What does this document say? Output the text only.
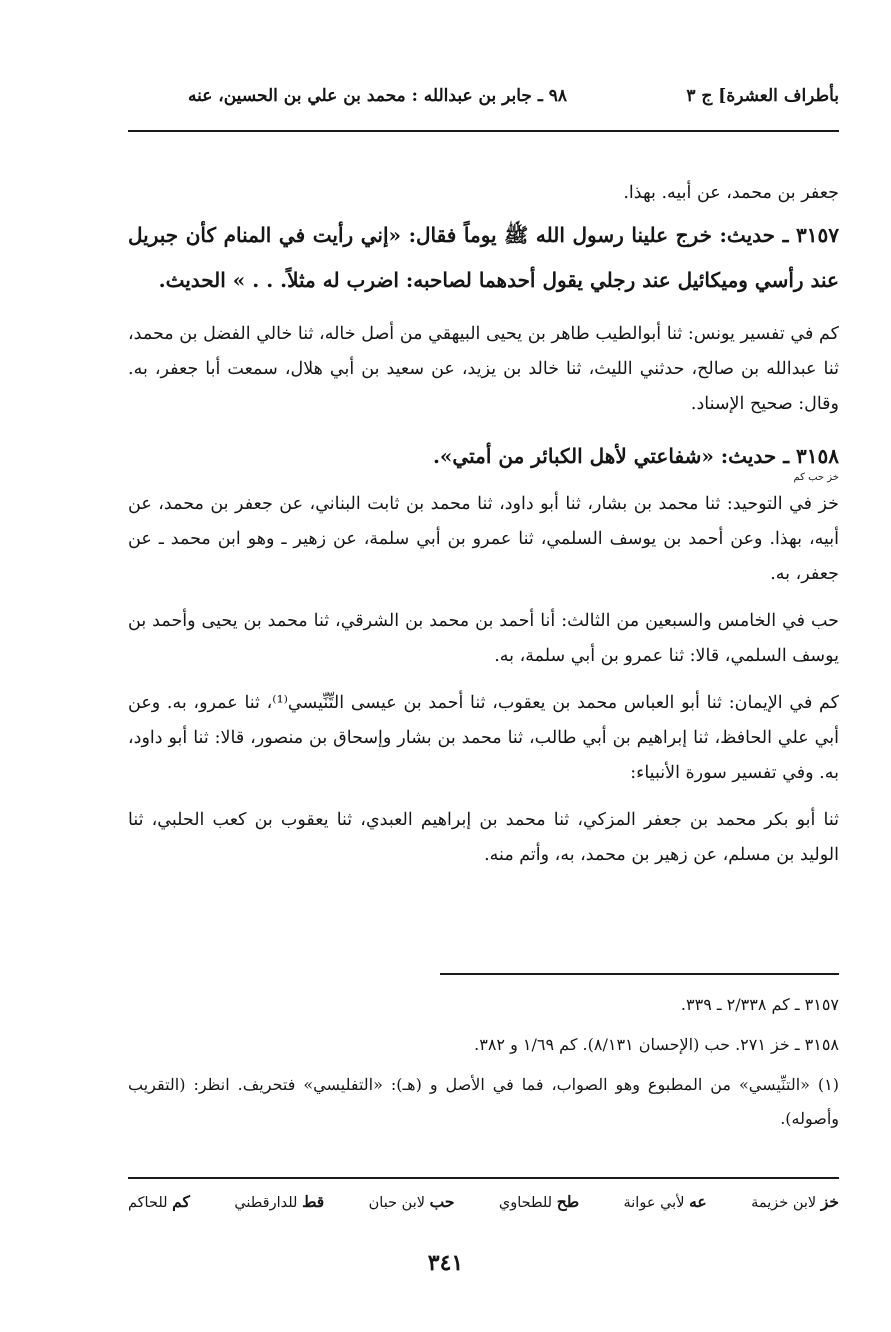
بأطراف العشرة] ج ٣
٩٨ ـ جابر بن عبدالله : محمد بن علي بن الحسين، عنه

جعفر بن محمد، عن أبيه. بهذا.

٣١٥٧ ـ حديث: خرج علينا رسول الله ﷺ يوماً فقال: «إني رأيت في المنام كأن جبريل عند رأسي وميكائيل عند رجلي يقول أحدهما لصاحبه: اضرب له مثلاً. . . » الحديث.

كم في تفسير يونس: ثنا أبوالطيب طاهر بن يحيى البيهقي من أصل خاله، ثنا خالي الفضل بن محمد، ثنا عبدالله بن صالح، حدثني الليث، ثنا خالد بن يزيد، عن سعيد بن أبي هلال، سمعت أبا جعفر، به. وقال: صحيح الإسناد.

٣١٥٨ ـ حديث: «شفاعتي لأهل الكبائر من أمتي».

خز حب كم

خز في التوحيد: ثنا محمد بن بشار، ثنا أبو داود، ثنا محمد بن ثابت البناني، عن جعفر بن محمد، عن أبيه، بهذا. وعن أحمد بن يوسف السلمي، ثنا عمرو بن أبي سلمة، عن زهير ـ وهو ابن محمد ـ عن جعفر، به.

حب في الخامس والسبعين من الثالث: أنا أحمد بن محمد بن الشرقي، ثنا محمد بن يحيى وأحمد بن يوسف السلمي، قالا: ثنا عمرو بن أبي سلمة، به.

كم في الإيمان: ثنا أبو العباس محمد بن يعقوب، ثنا أحمد بن عيسى التِّنِّيسي⁽¹⁾، ثنا عمرو، به. وعن أبي علي الحافظ، ثنا إبراهيم بن أبي طالب، ثنا محمد بن بشار وإسحاق بن منصور، قالا: ثنا أبو داود، به. وفي تفسير سورة الأنبياء:

ثنا أبو بكر محمد بن جعفر المزكي، ثنا محمد بن إبراهيم العبدي، ثنا يعقوب بن كعب الحلبي، ثنا الوليد بن مسلم، عن زهير بن محمد، به، وأتم منه.

٣١٥٧ ـ كم ٢/٣٣٨ ـ ٣٣٩.

٣١٥٨ ـ خز ٢٧١. حب (الإحسان ٨/١٣١). كم ١/٦٩ و ٣٨٢.

(١) «التنِّيسي» من المطبوع وهو الصواب، فما في الأصل و (هـ): «التفليسي» فتحريف. انظر: (التقريب وأصوله).

خز لابن خزيمة
عه لأبي عوانة
طح للطحاوي
حب لابن حبان
قط للدارقطني
كم للحاكم
٣٤١
